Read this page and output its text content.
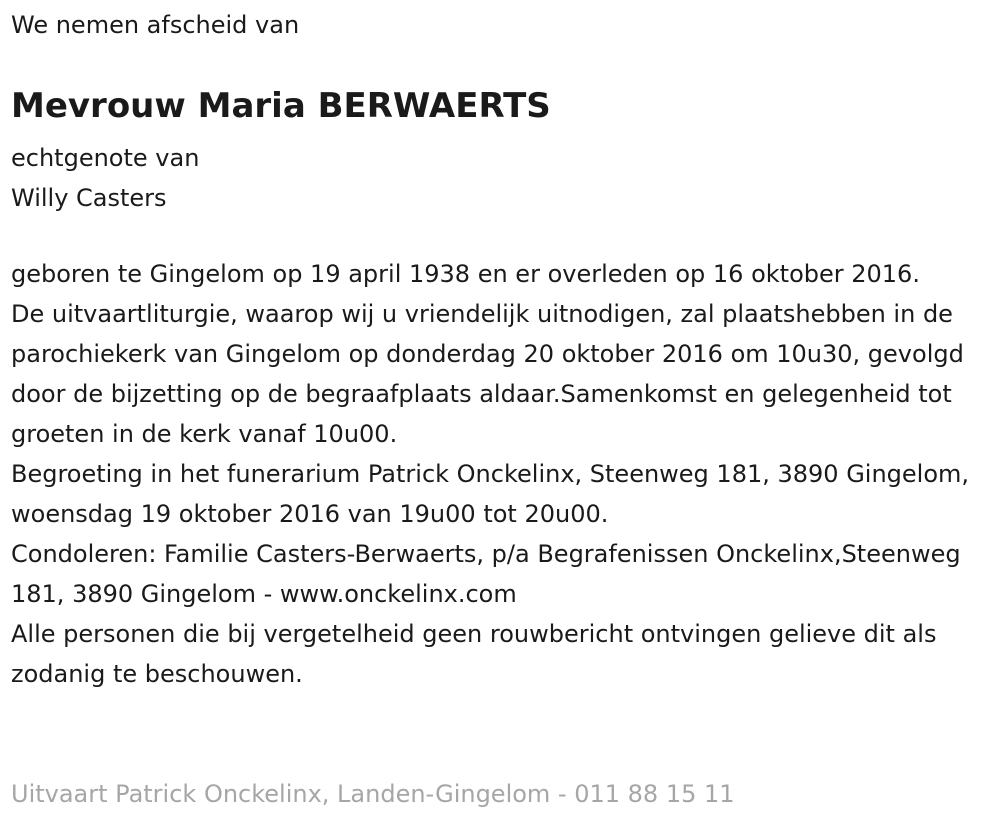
We nemen afscheid van
Mevrouw Maria BERWAERTS
echtgenote van
Willy Casters

geboren te Gingelom op 19 april 1938 en er overleden op 16 oktober 2016.

De uitvaartliturgie, waarop wij u vriendelijk uitnodigen, zal plaatshebben in de parochiekerk van Gingelom op donderdag 20 oktober 2016 om 10u30, gevolgd door de bijzetting op de begraafplaats aldaar.Samenkomst en gelegenheid tot groeten in de kerk vanaf 10u00.

Begroeting in het funerarium Patrick Onckelinx, Steenweg 181, 3890 Gingelom, woensdag 19 oktober 2016 van 19u00 tot 20u00.

Condoleren: Familie Casters-Berwaerts, p/a Begrafenissen Onckelinx,Steenweg 181, 3890 Gingelom - www.onckelinx.com

Alle personen die bij vergetelheid geen rouwbericht ontvingen gelieve dit als zodanig te beschouwen.

Uitvaart Patrick Onckelinx, Landen-Gingelom - 011 88 15 11
